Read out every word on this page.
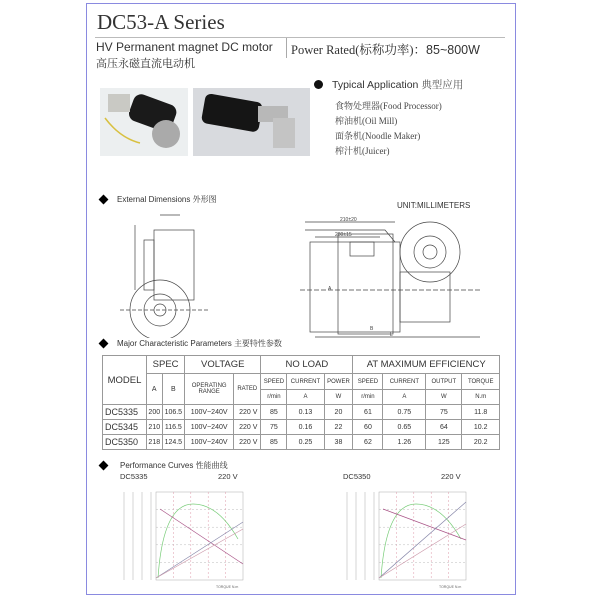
DC53-A Series
HV Permanent magnet DC motor
高压永磁直流电动机
Power Rated(标称功率)：85~800W
Typical Application 典型应用
食物处理器(Food Processor)
榨油机(Oil Mill)
面条机(Noodle Maker)
榨汁机(Juicer)
External Dimensions 外形图
UNIT:MILLIMETERS
210±20
280±15
B
L
A
Major Characteristic Parameters 主要特性参数
MODEL	SPEC		VOLTAGE		NO LOAD			AT MAXIMUM EFFICIENCY			
	A	B	OPERATING RANGE	RATED	SPEED	CURRENT	POWER	SPEED	CURRENT	OUTPUT	TORQUE
					r/min	A	W	r/min	A	W	N.m
DC5335	200	106.5	100V~240V	220 V	85	0.13	20	61	0.75	75	11.8
DC5345	210	116.5	100V~240V	220 V	75	0.16	22	60	0.65	64	10.2
DC5350	218	124.5	100V~240V	220 V	85	0.25	38	62	1.26	125	20.2
Performance Curves 性能曲线
DC5335	220 V	DC5350	220 V
TORQUE N.m	TORQUE N.m
